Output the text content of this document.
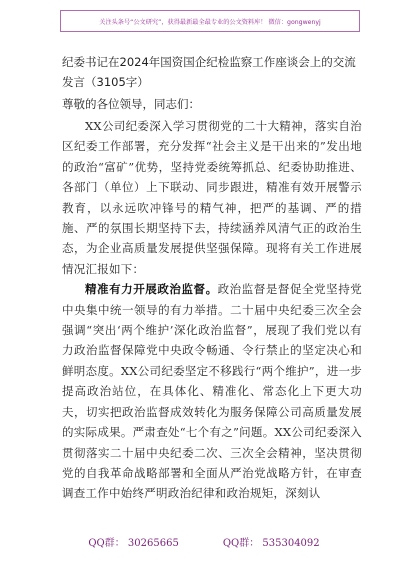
关注头条号“公文研究”，获得最新最全最专业的公文资料库！ 微信：gongwenyj

纪委书记在2024年国资国企纪检监察工作座谈会上的交流发言（3105字）

尊敬的各位领导，同志们：

XX公司纪委深入学习贯彻党的二十大精神，落实自治区纪委工作部署，充分发挥“社会主义是干出来的”发出地的政治“富矿”优势，坚持党委统筹抓总、纪委协助推进、各部门（单位）上下联动、同步跟进，精准有效开展警示教育，以永远吹冲锋号的精气神，把严的基调、严的措施、严的氛围长期坚持下去，持续涵养风清气正的政治生态，为企业高质量发展提供坚强保障。现将有关工作进展情况汇报如下：

精准有力开展政治监督。政治监督是督促全党坚持党中央集中统一领导的有力举措。二十届中央纪委三次全会强调“突出‘两个维护’深化政治监督”，展现了我们党以有力政治监督保障党中央政令畅通、令行禁止的坚定决心和鲜明态度。XX公司纪委坚定不移践行“两个维护”，进一步提高政治站位，在具体化、精准化、常态化上下更大功夫，切实把政治监督成效转化为服务保障公司高质量发展的实际成果。严肃查处“七个有之”问题。XX公司纪委深入贯彻落实二十届中央纪委二次、三次全会精神，坚决贯彻党的自我革命战略部署和全面从严治党战略方针，在审查调查工作中始终严明政治纪律和政治规矩，深刻认

QQ群： 30265665	QQ群： 535304092
